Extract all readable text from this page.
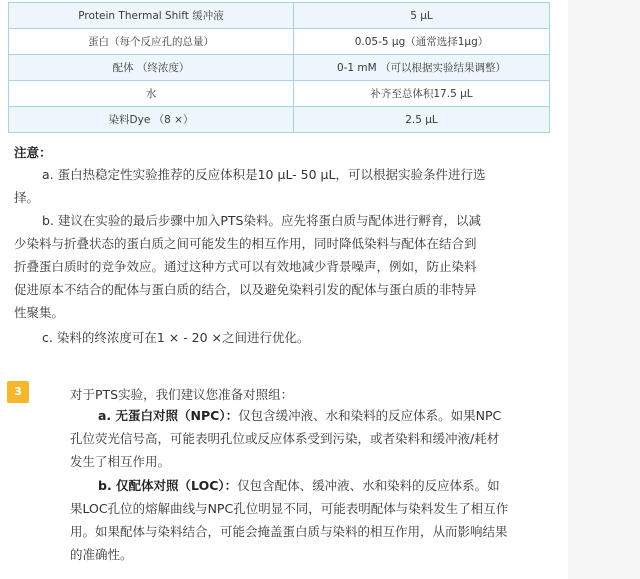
Protein Thermal Shift 缓冲液	5 μL
蛋白（每个反应孔的总量）	0.05-5 μg（通常选择1μg）
配体 （终浓度）	0-1 mM （可以根据实验结果调整）
水	补齐至总体积17.5 μL
染料Dye （8 ×）	2.5 μL
注意：

a. 蛋白热稳定性实验推荐的反应体积是10 μL- 50 μL，可以根据实验条件进行选
择。

b. 建议在实验的最后步骤中加入PTS染料。应先将蛋白质与配体进行孵育，以减
少染料与折叠状态的蛋白质之间可能发生的相互作用，同时降低染料与配体在结合到
折叠蛋白质时的竞争效应。通过这种方式可以有效地减少背景噪声，例如，防止染料
促进原本不结合的配体与蛋白质的结合，以及避免染料引发的配体与蛋白质的非特异
性聚集。

c. 染料的终浓度可在1 × - 20 ×之间进行优化。

3	对于PTS实验，我们建议您准备对照组：

a. 无蛋白对照（NPC）：仅包含缓冲液、水和染料的反应体系。如果NPC
孔位荧光信号高，可能表明孔位或反应体系受到污染，或者染料和缓冲液/耗材
发生了相互作用。

b. 仅配体对照（LOC）：仅包含配体、缓冲液、水和染料的反应体系。如
果LOC孔位的熔解曲线与NPC孔位明显不同，可能表明配体与染料发生了相互作
用。如果配体与染料结合，可能会掩盖蛋白质与染料的相互作用，从而影响结果
的准确性。
